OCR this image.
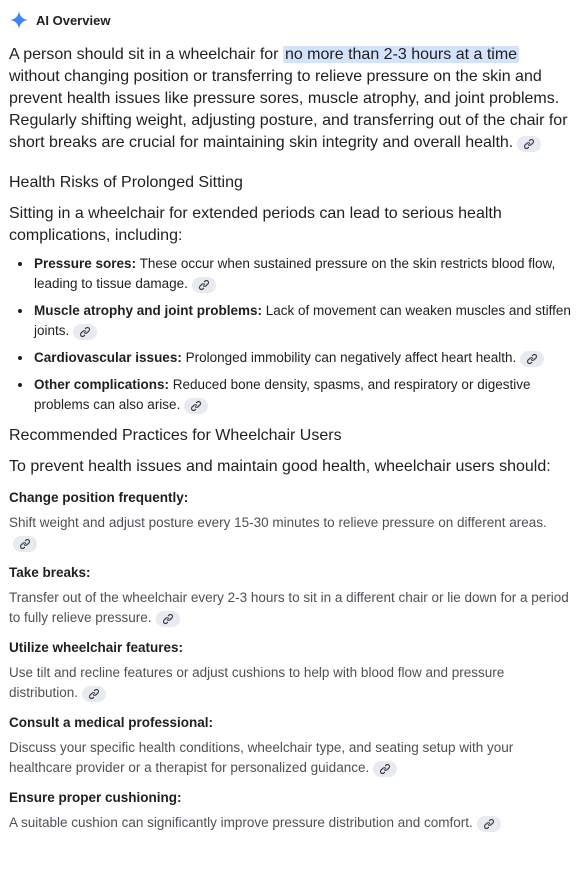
AI Overview

A person should sit in a wheelchair for no more than 2-3 hours at a time without changing position or transferring to relieve pressure on the skin and prevent health issues like pressure sores, muscle atrophy, and joint problems. Regularly shifting weight, adjusting posture, and transferring out of the chair for short breaks are crucial for maintaining skin integrity and overall health.

Health Risks of Prolonged Sitting

Sitting in a wheelchair for extended periods can lead to serious health complications, including:

Pressure sores: These occur when sustained pressure on the skin restricts blood flow, leading to tissue damage.
Muscle atrophy and joint problems: Lack of movement can weaken muscles and stiffen joints.
Cardiovascular issues: Prolonged immobility can negatively affect heart health.
Other complications: Reduced bone density, spasms, and respiratory or digestive problems can also arise.
Recommended Practices for Wheelchair Users

To prevent health issues and maintain good health, wheelchair users should:

Change position frequently:

Shift weight and adjust posture every 15-30 minutes to relieve pressure on different areas.

Take breaks:

Transfer out of the wheelchair every 2-3 hours to sit in a different chair or lie down for a period to fully relieve pressure.

Utilize wheelchair features:

Use tilt and recline features or adjust cushions to help with blood flow and pressure distribution.

Consult a medical professional:

Discuss your specific health conditions, wheelchair type, and seating setup with your healthcare provider or a therapist for personalized guidance.

Ensure proper cushioning:

A suitable cushion can significantly improve pressure distribution and comfort.
